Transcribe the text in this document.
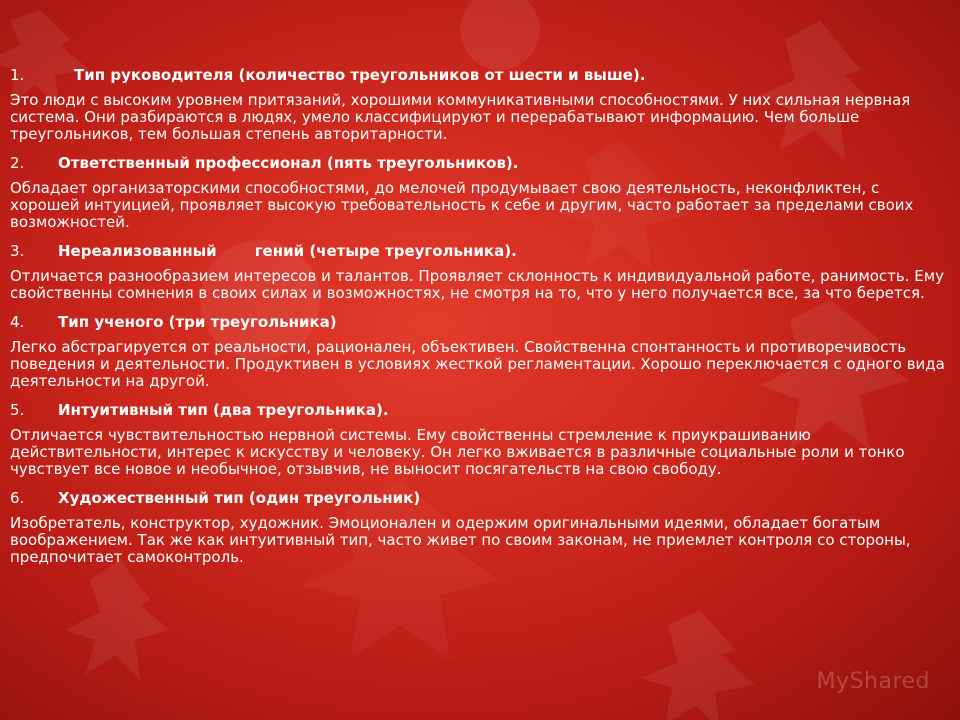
1.	Тип руководителя (количество треугольников от шести и выше).
Это люди с высоким уровнем притязаний, хорошими коммуникативными способностями. У них сильная нервная система. Они разбираются в людях, умело классифицируют и перерабатывают информацию. Чем больше треугольников, тем большая степень авторитарности.
2. Ответственный профессионал (пять треугольников).
Обладает организаторскими способностями, до мелочей продумывает свою деятельность, неконфликтен, с хорошей интуицией, проявляет высокую требовательность к себе и другим, часто работает за пределами своих возможностей.
3. Нереализованный	гений (четыре треугольника).
Отличается разнообразием интересов и талантов. Проявляет склонность к индивидуальной работе, ранимость. Ему свойственны сомнения в своих силах и возможностях, не смотря на то, что у него получается все, за что берется.
4. Тип ученого (три треугольника)
Легко абстрагируется от реальности, рационален, объективен. Свойственна спонтанность и противоречивость поведения и деятельности. Продуктивен в условиях жесткой регламентации. Хорошо переключается с одного вида деятельности на другой.
5. Интуитивный тип (два треугольника).
Отличается чувствительностью нервной системы. Ему свойственны стремление к приукрашиванию действительности, интерес к искусству и человеку. Он легко вживается в различные социальные роли и тонко чувствует все новое и необычное, отзывчив, не выносит посягательств на свою свободу.
6. Художественный тип (один треугольник)
Изобретатель, конструктор, художник. Эмоционален и одержим оригинальными идеями, обладает богатым воображением. Так же как интуитивный тип, часто живет по своим законам, не приемлет контроля со стороны, предпочитает самоконтроль.
MyShared
